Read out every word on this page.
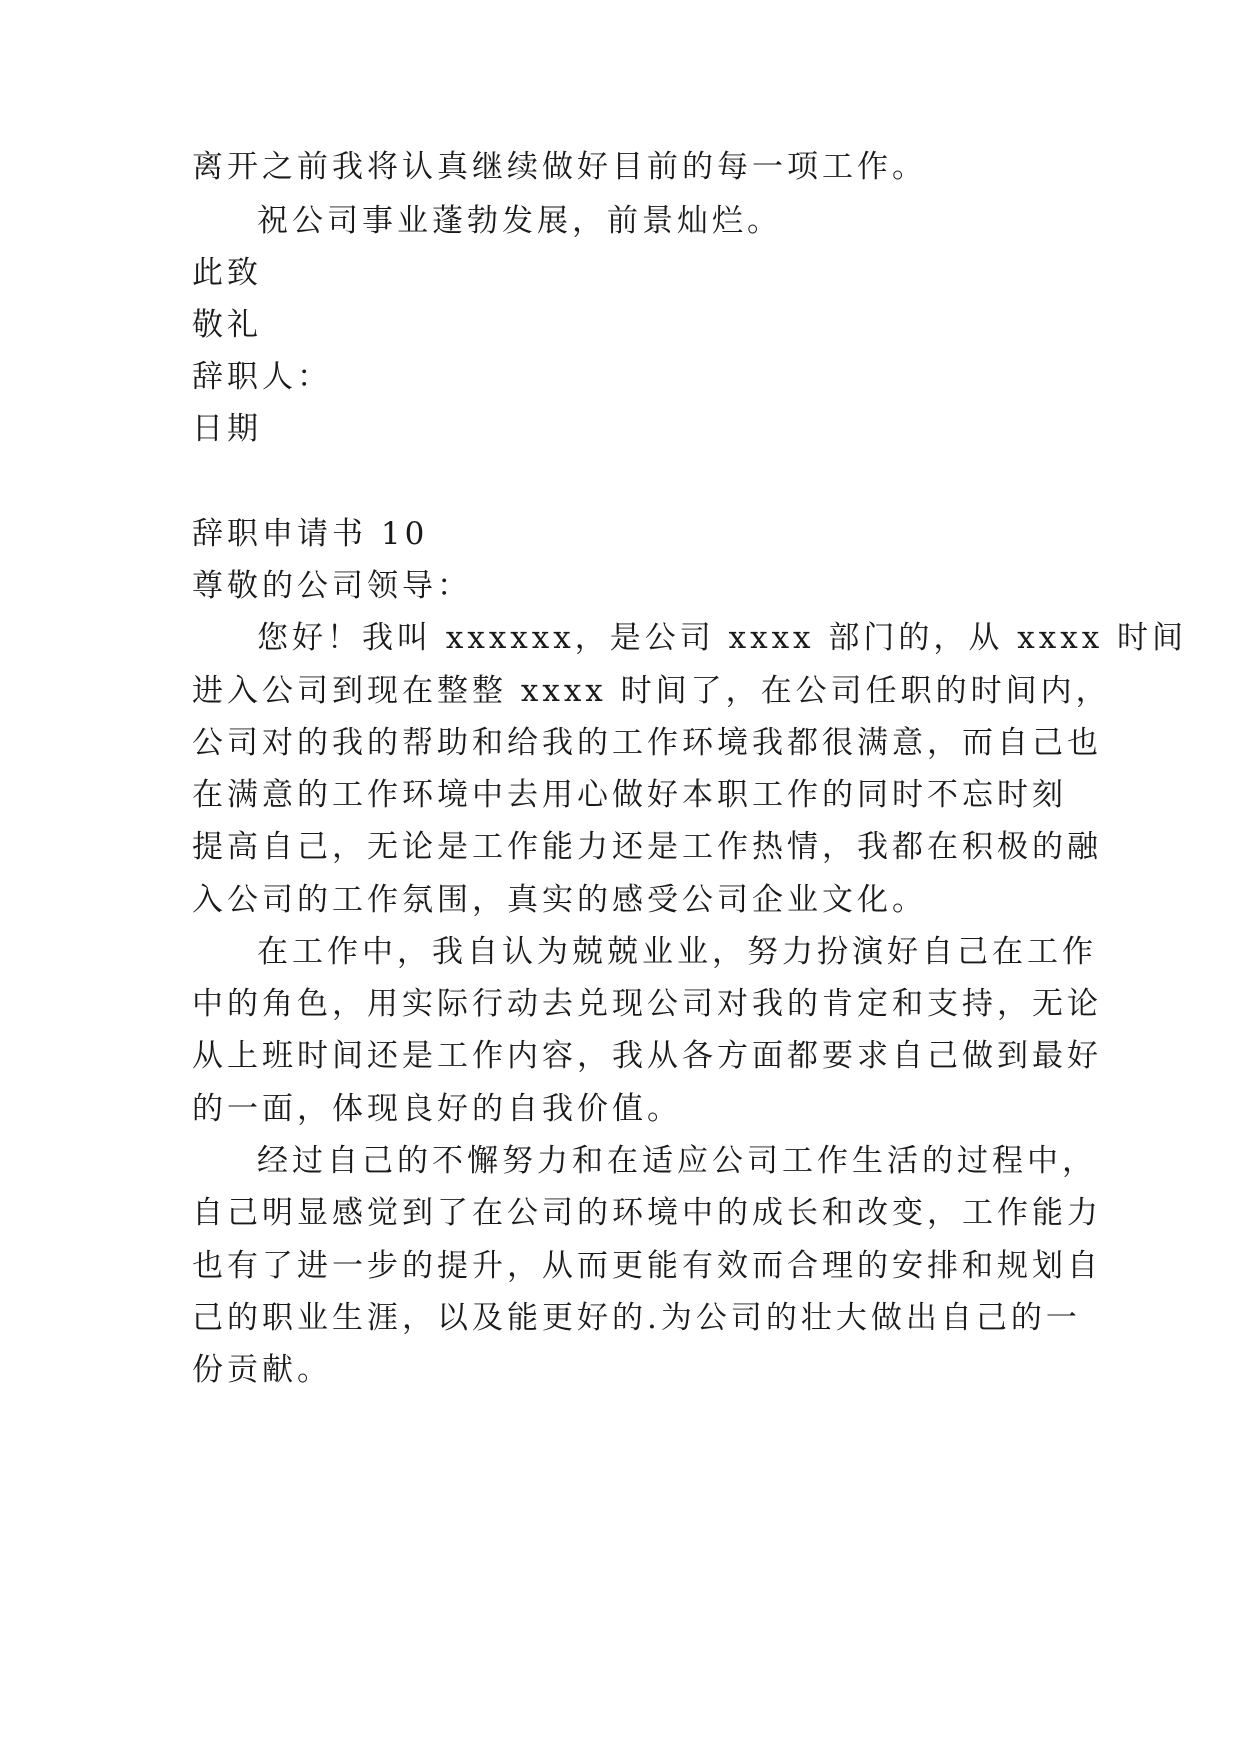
离开之前我将认真继续做好目前的每一项工作。
祝公司事业蓬勃发展，前景灿烂。
此致
敬礼
辞职人：
日期
辞职申请书 10
尊敬的公司领导：
您好！我叫 xxxxxx，是公司 xxxx 部门的，从 xxxx 时间
进入公司到现在整整 xxxx 时间了，在公司任职的时间内，
公司对的我的帮助和给我的工作环境我都很满意，而自己也
在满意的工作环境中去用心做好本职工作的同时不忘时刻
提高自己，无论是工作能力还是工作热情，我都在积极的融
入公司的工作氛围，真实的感受公司企业文化。
在工作中，我自认为兢兢业业，努力扮演好自己在工作
中的角色，用实际行动去兑现公司对我的肯定和支持，无论
从上班时间还是工作内容，我从各方面都要求自己做到最好
的一面，体现良好的自我价值。
经过自己的不懈努力和在适应公司工作生活的过程中，
自己明显感觉到了在公司的环境中的成长和改变，工作能力
也有了进一步的提升，从而更能有效而合理的安排和规划自
己的职业生涯，以及能更好的.为公司的壮大做出自己的一
份贡献。
